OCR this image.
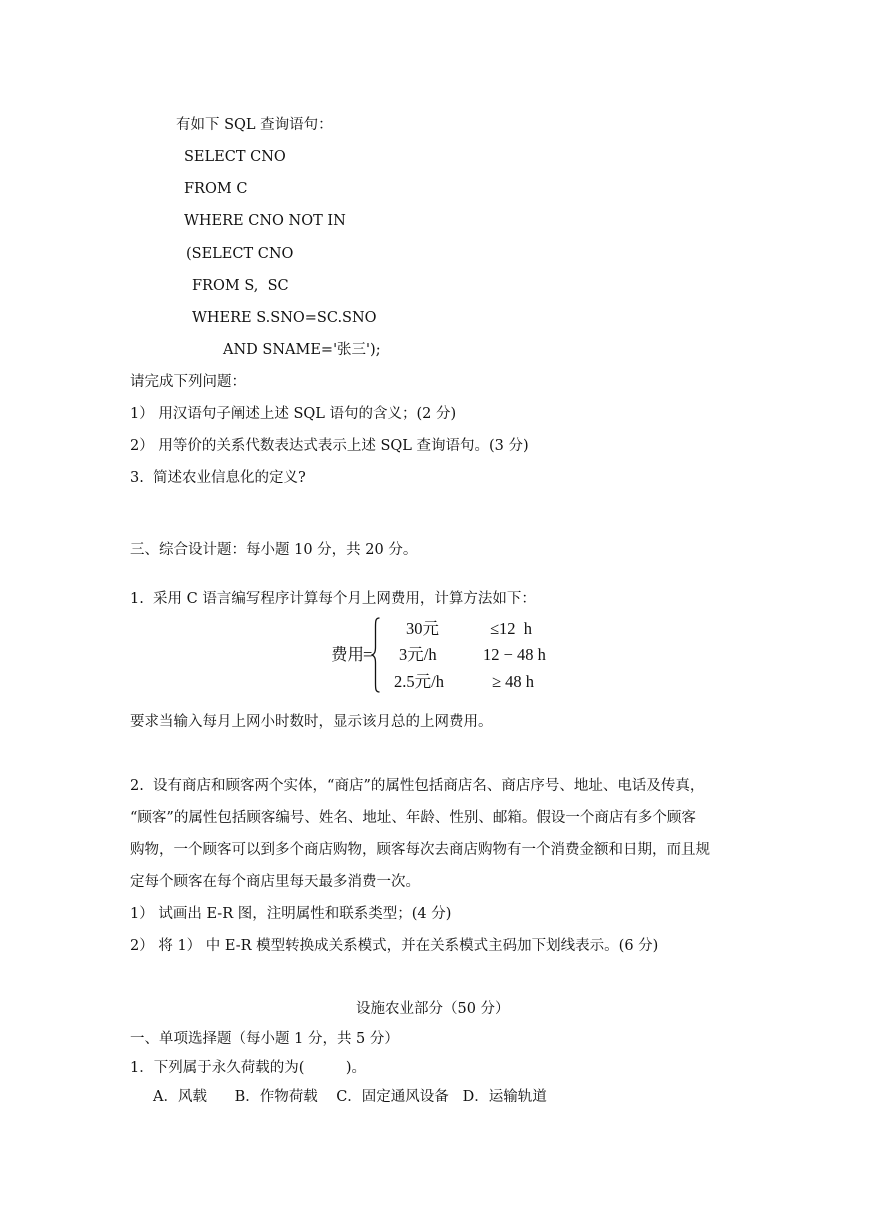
有如下 SQL 查询语句：
SELECT CNO
FROM C
WHERE CNO NOT IN
(SELECT CNO
FROM S,  SC
WHERE S.SNO=SC.SNO
AND SNAME='张三');
请完成下列问题：
1） 用汉语句子阐述上述 SQL 语句的含义；(2 分)
2） 用等价的关系代数表达式表示上述 SQL 查询语句。(3 分)
3.  简述农业信息化的定义?
三、综合设计题：每小题 10 分，共 20 分。
1.  采用 C 语言编写程序计算每个月上网费用，计算方法如下：
费用 =
30元	≤12  h
3元/h	12 − 48 h
2.5元/h	≥ 48 h
要求当输入每月上网小时数时，显示该月总的上网费用。
2.  设有商店和顾客两个实体，“商店”的属性包括商店名、商店序号、地址、电话及传真，
“顾客”的属性包括顾客编号、姓名、地址、年龄、性别、邮箱。假设一个商店有多个顾客
购物，一个顾客可以到多个商店购物，顾客每次去商店购物有一个消费金额和日期，而且规
定每个顾客在每个商店里每天最多消费一次。
1） 试画出 E-R 图，注明属性和联系类型；(4 分)
2） 将 1） 中 E-R 模型转换成关系模式，并在关系模式主码加下划线表示。(6 分)
设施农业部分（50 分）
一、单项选择题（每小题 1 分，共 5 分）
1．下列属于永久荷载的为(         )。
A．风载      B．作物荷载    C．固定通风设备   D．运输轨道
